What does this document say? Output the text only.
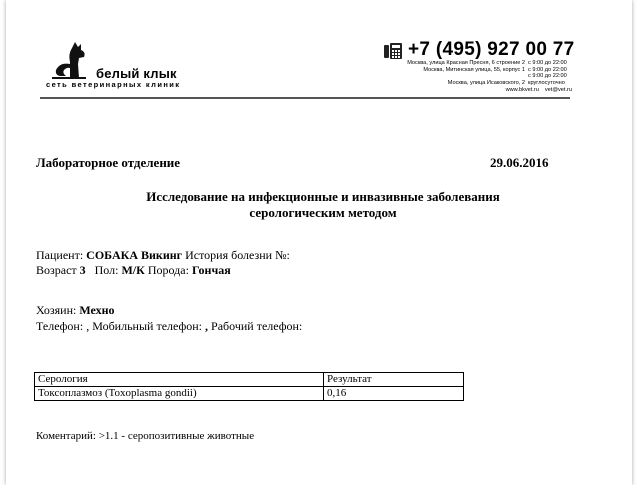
белый клык
сеть ветеринарных клиник
+7 (495) 927 00 77
Москва, улица Красная Пресня, 6 строение 2 с 9:00 до 22:00
Москва, Митинская улица, 55, корпус 1 с 9:00 до 22:00
с 9:00 до 22:00
Москва, улица Исаковского, 2 круглосуточно
www.bkvet.ru vet@vet.ru
Лабораторное отделение	29.06.2016
Исследование на инфекционные и инвазивные заболевания
серологическим методом
Пациент: СОБАКА Викинг История болезни №:
Возраст 3 Пол: М/К Порода: Гончая
Хозяин: Мехно
Телефон: , Мобильный телефон: , Рабочий телефон:
Серология	Результат
Токсоплазмоз (Toxoplasma gondii)	0,16
Коментарий: >1.1 - серопозитивные животные
